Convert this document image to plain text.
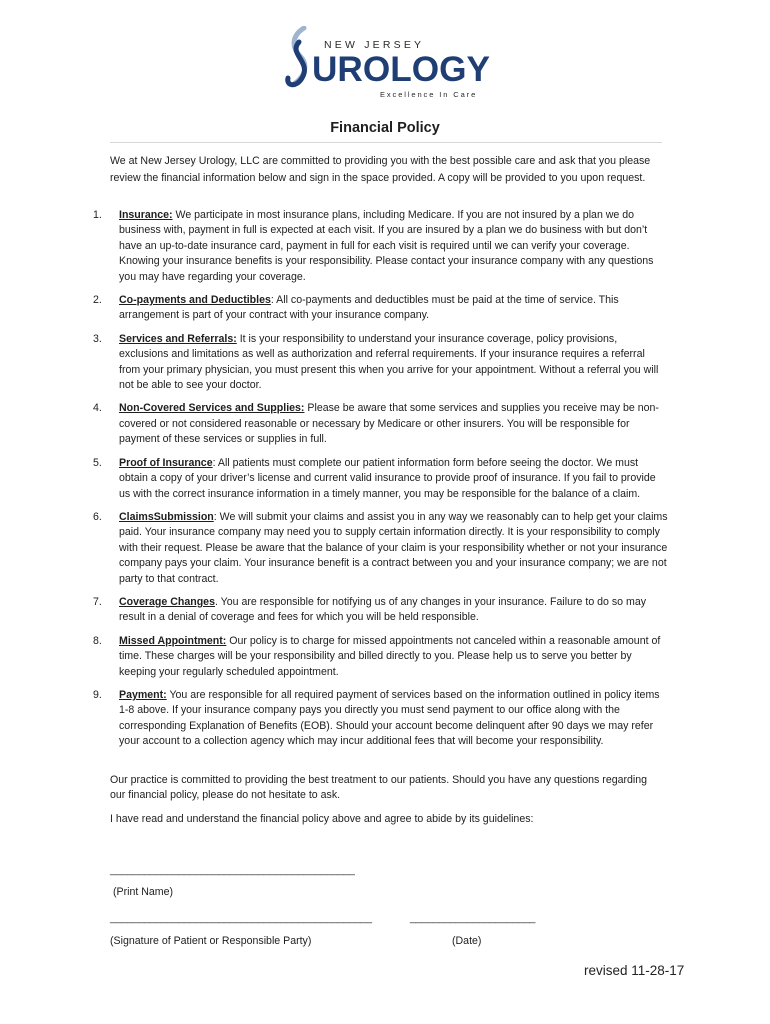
NEW JERSEY
UROLOGY
Excellence In Care
Financial Policy
We at New Jersey Urology, LLC are committed to providing you with the best possible care and ask that you please review the financial information below and sign in the space provided. A copy will be provided to you upon request.
1.	Insurance: We participate in most insurance plans, including Medicare. If you are not insured by a plan we do business with, payment in full is expected at each visit. If you are insured by a plan we do business with but don’t have an up-to-date insurance card, payment in full for each visit is required until we can verify your coverage. Knowing your insurance benefits is your responsibility. Please contact your insurance company with any questions you may have regarding your coverage.
2.	Co-payments and Deductibles: All co-payments and deductibles must be paid at the time of service. This arrangement is part of your contract with your insurance company.
3.	Services and Referrals: It is your responsibility to understand your insurance coverage, policy provisions, exclusions and limitations as well as authorization and referral requirements. If your insurance requires a referral from your primary physician, you must present this when you arrive for your appointment. Without a referral you will not be able to see your doctor.
4.	Non-Covered Services and Supplies: Please be aware that some services and supplies you receive may be non-covered or not considered reasonable or necessary by Medicare or other insurers. You will be responsible for payment of these services or supplies in full.
5.	Proof of Insurance: All patients must complete our patient information form before seeing the doctor. We must obtain a copy of your driver’s license and current valid insurance to provide proof of insurance. If you fail to provide us with the correct insurance information in a timely manner, you may be responsible for the balance of a claim.
6.	ClaimsSubmission: We will submit your claims and assist you in any way we reasonably can to help get your claims paid. Your insurance company may need you to supply certain information directly. It is your responsibility to comply with their request. Please be aware that the balance of your claim is your responsibility whether or not your insurance company pays your claim. Your insurance benefit is a contract between you and your insurance company; we are not party to that contract.
7.	Coverage Changes. You are responsible for notifying us of any changes in your insurance. Failure to do so may result in a denial of coverage and fees for which you will be held responsible.
8.	Missed Appointment: Our policy is to charge for missed appointments not canceled within a reasonable amount of time. These charges will be your responsibility and billed directly to you. Please help us to serve you better by keeping your regularly scheduled appointment.
9.	Payment: You are responsible for all required payment of services based on the information outlined in policy items 1-8 above. If your insurance company pays you directly you must send payment to our office along with the corresponding Explanation of Benefits (EOB). Should your account become delinquent after 90 days we may refer your account to a collection agency which may incur additional fees that will become your responsibility.
Our practice is committed to providing the best treatment to our patients. Should you have any questions regarding our financial policy, please do not hesitate to ask.
I have read and understand the financial policy above and agree to abide by its guidelines:
___________________________________________
(Print Name)
______________________________________________	______________________
(Signature of Patient or Responsible Party)	(Date)
revised 11-28-17
